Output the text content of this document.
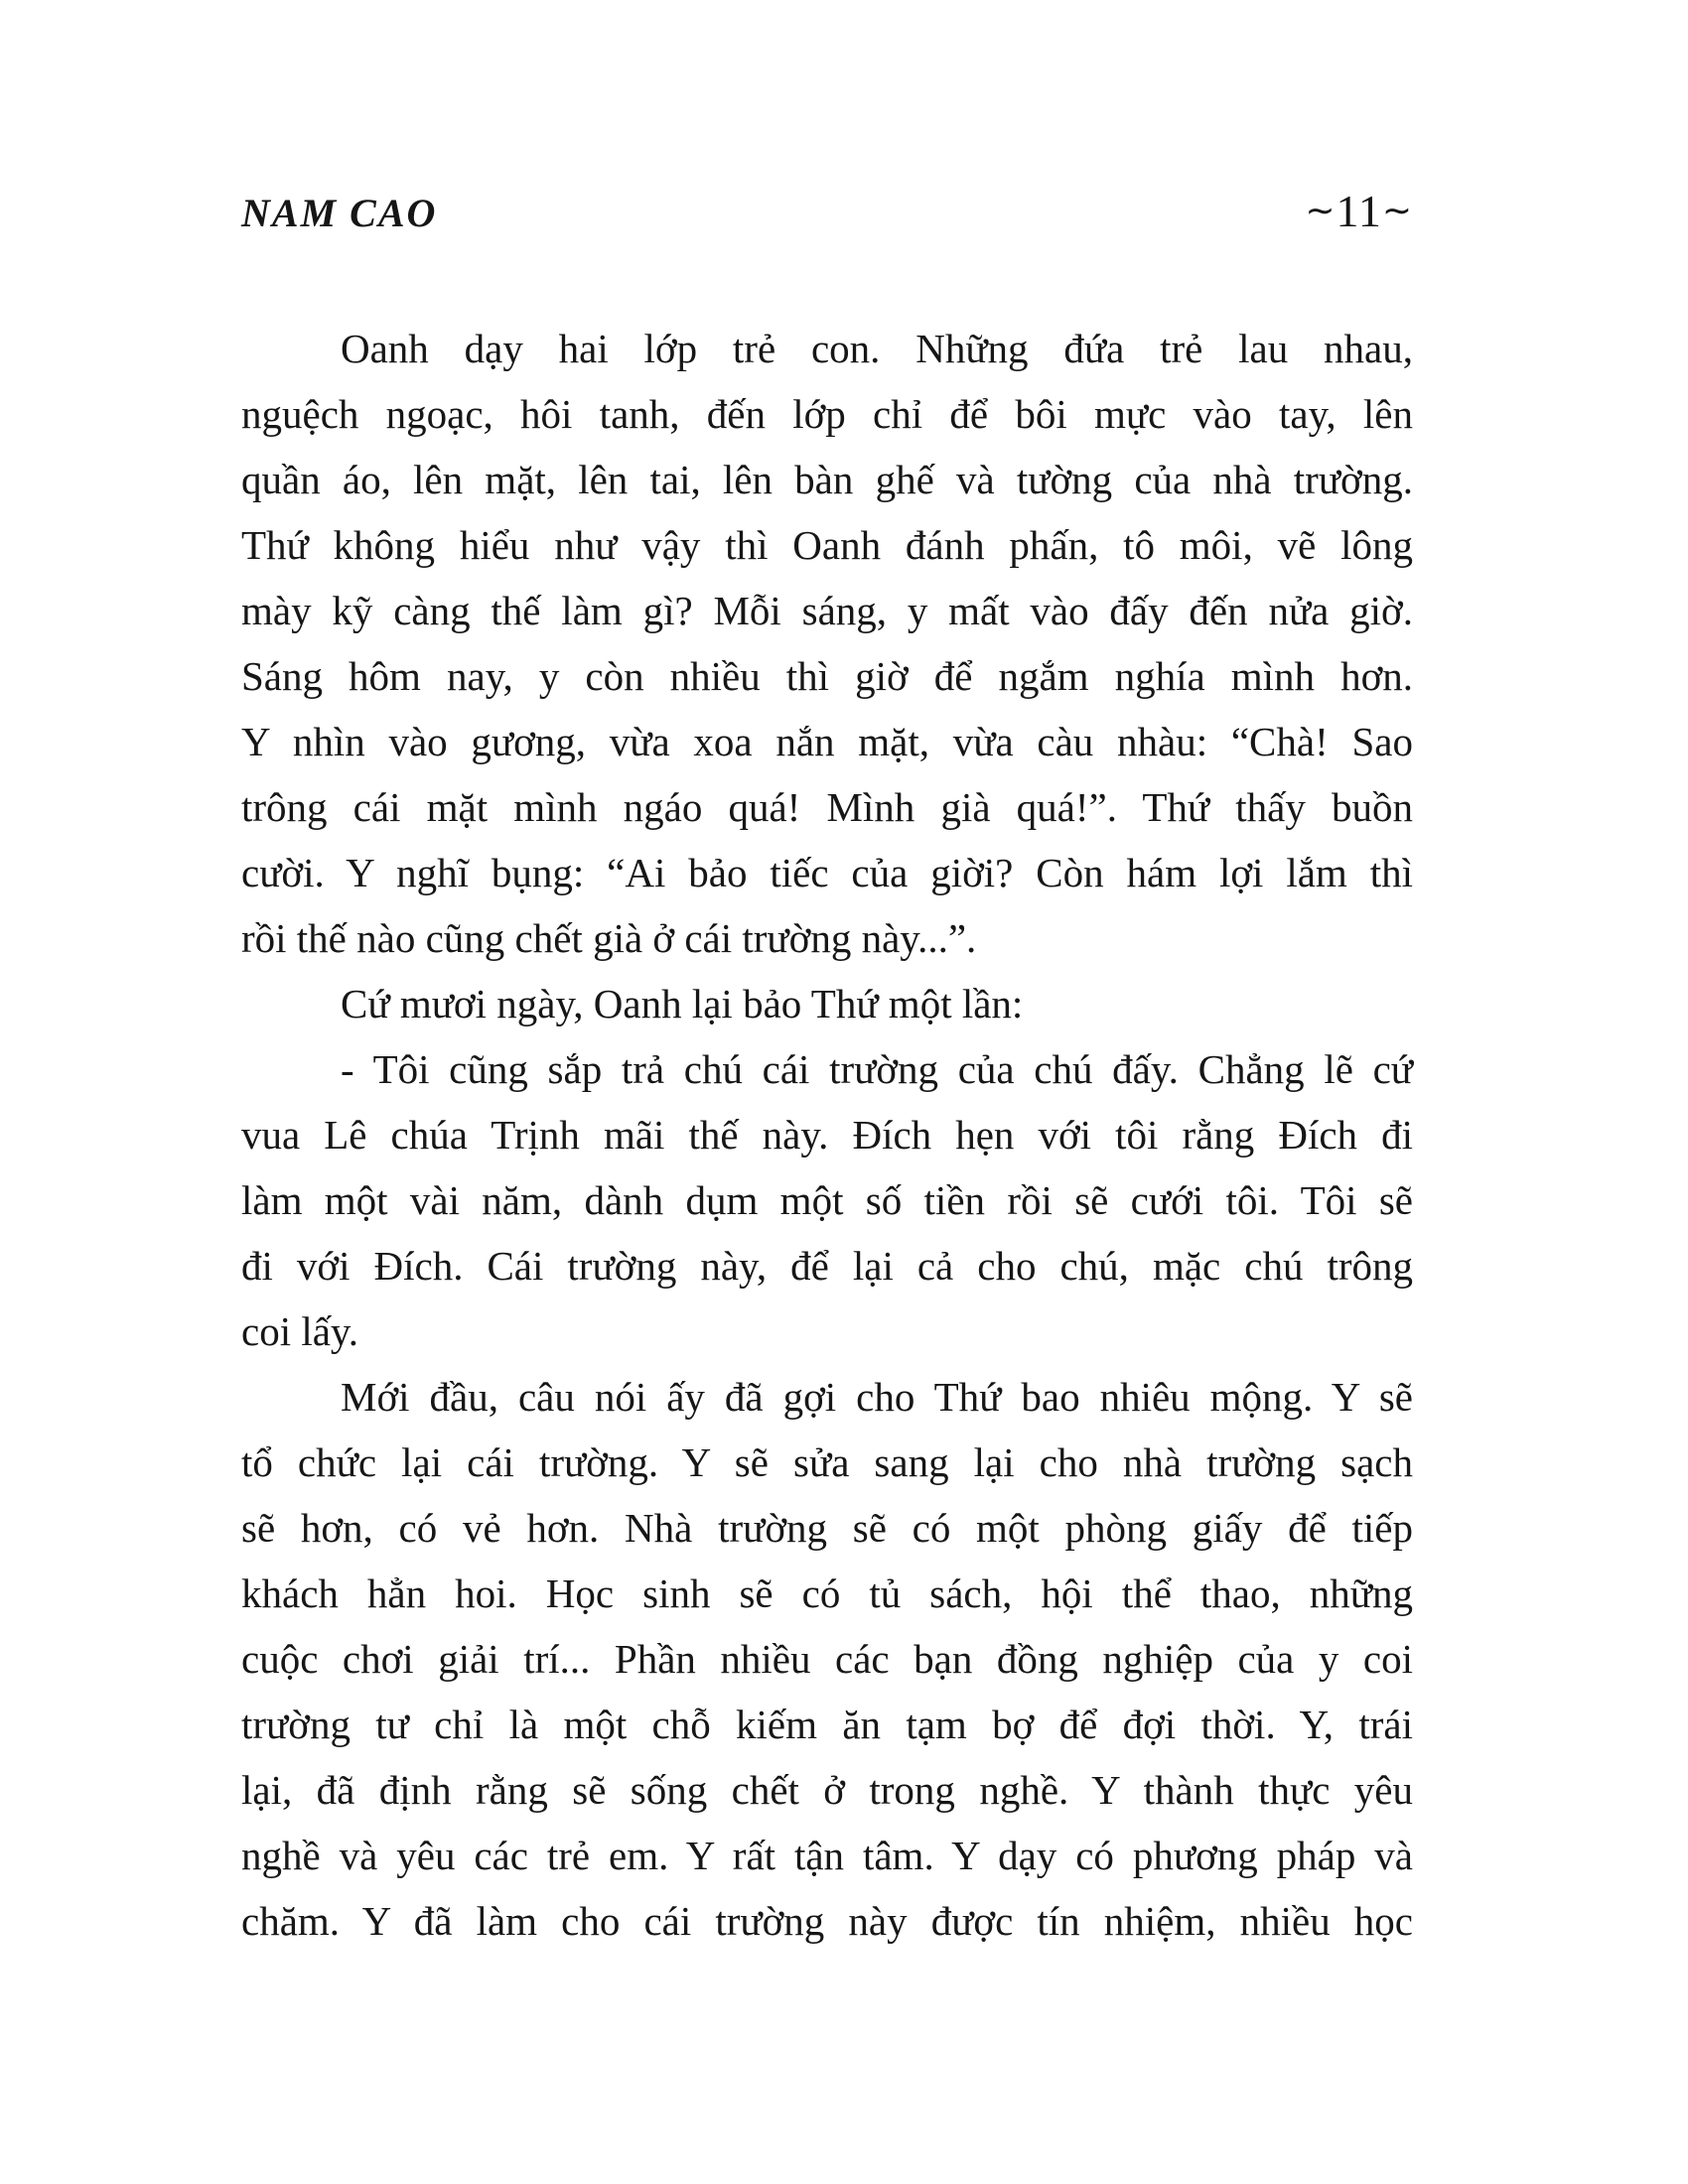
NAM CAO	∼11∼
Oanh dạy hai lớp trẻ con. Những đứa trẻ lau nhau,
nguệch ngoạc, hôi tanh, đến lớp chỉ để bôi mực vào tay, lên
quần áo, lên mặt, lên tai, lên bàn ghế và tường của nhà trường.
Thứ không hiểu như vậy thì Oanh đánh phấn, tô môi, vẽ lông
mày kỹ càng thế làm gì? Mỗi sáng, y mất vào đấy đến nửa giờ.
Sáng hôm nay, y còn nhiều thì giờ để ngắm nghía mình hơn.
Y nhìn vào gương, vừa xoa nắn mặt, vừa càu nhàu: “Chà! Sao
trông cái mặt mình ngáo quá! Mình già quá!”. Thứ thấy buồn
cười. Y nghĩ bụng: “Ai bảo tiếc của giời? Còn hám lợi lắm thì
rồi thế nào cũng chết già ở cái trường này...”.
Cứ mươi ngày, Oanh lại bảo Thứ một lần:
- Tôi cũng sắp trả chú cái trường của chú đấy. Chẳng lẽ cứ
vua Lê chúa Trịnh mãi thế này. Đích hẹn với tôi rằng Đích đi
làm một vài năm, dành dụm một số tiền rồi sẽ cưới tôi. Tôi sẽ
đi với Đích. Cái trường này, để lại cả cho chú, mặc chú trông
coi lấy.
Mới đầu, câu nói ấy đã gợi cho Thứ bao nhiêu mộng. Y sẽ
tổ chức lại cái trường. Y sẽ sửa sang lại cho nhà trường sạch
sẽ hơn, có vẻ hơn. Nhà trường sẽ có một phòng giấy để tiếp
khách hẳn hoi. Học sinh sẽ có tủ sách, hội thể thao, những
cuộc chơi giải trí... Phần nhiều các bạn đồng nghiệp của y coi
trường tư chỉ là một chỗ kiếm ăn tạm bợ để đợi thời. Y, trái
lại, đã định rằng sẽ sống chết ở trong nghề. Y thành thực yêu
nghề và yêu các trẻ em. Y rất tận tâm. Y dạy có phương pháp và
chăm. Y đã làm cho cái trường này được tín nhiệm, nhiều học
